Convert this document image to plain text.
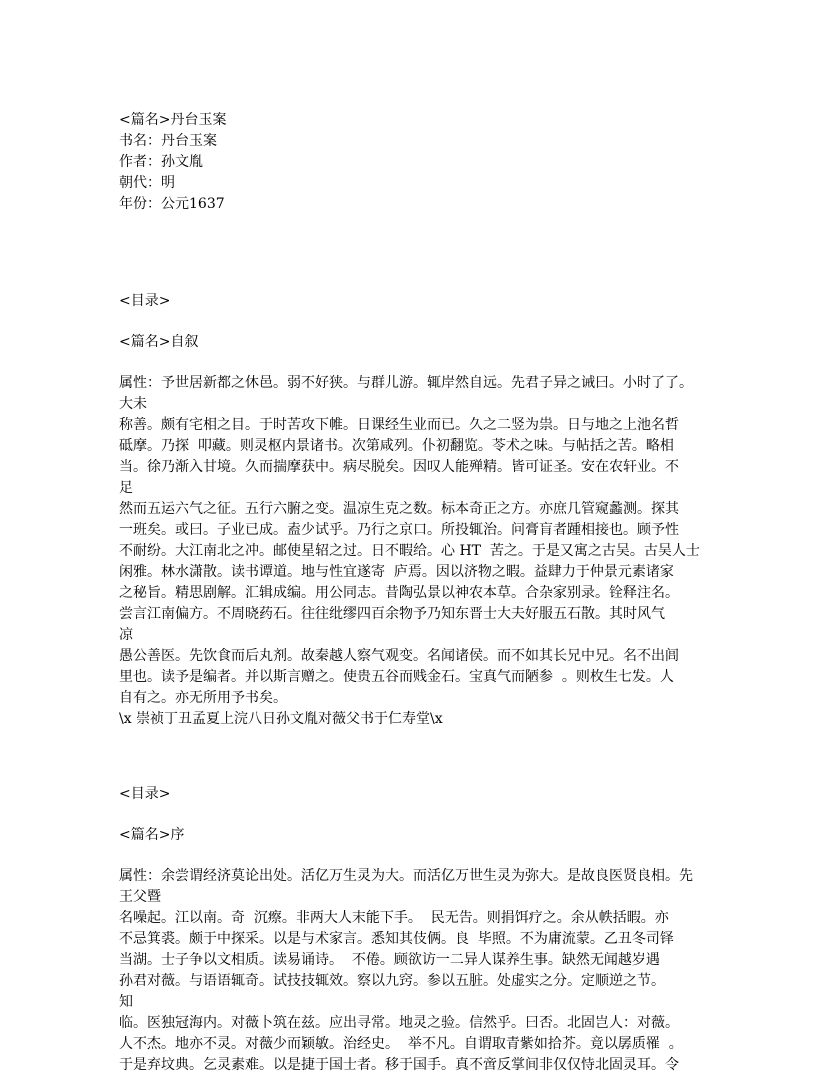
<篇名>丹台玉案
书名：丹台玉案
作者：孙文胤
朝代：明
年份：公元1637
<目录>
<篇名>自叙
属性：予世居新都之休邑。弱不好狭。与群儿游。辄岸然自远。先君子异之诫曰。小时了了。
大未
称善。颇有宅相之目。于时苦攻下帷。日课经生业而已。久之二竖为祟。日与地之上池名哲
砥摩。乃探  叩藏。则灵枢内景诸书。次第咸列。仆初翻览。苓术之味。与帖括之苦。略相
当。徐乃渐入甘境。久而揣摩获中。病尽脱矣。因叹人能殚精。皆可证圣。安在农轩业。不
足
然而五运六气之征。五行六腑之变。温凉生克之数。标本奇正之方。亦庶几管窥蠡测。探其
一班矣。或曰。子业已成。盍少试乎。乃行之京口。所投辄治。问膏肓者踵相接也。顾予性
不耐纷。大江南北之冲。邮使星轺之过。日不暇给。心 HT  苦之。于是又寓之古吴。古吴人士
闲雅。林水潇散。读书谭道。地与性宜遂寄  庐焉。因以济物之暇。益肆力于仲景元素诸家
之秘旨。精思剧解。汇辑成编。用公同志。昔陶弘景以神农本草。合杂家别录。铨释注名。
尝言江南偏方。不周晓药石。往往纰缪四百余物予乃知东晋士大夫好服五石散。其时风气
凉
愚公善医。先饮食而后丸剂。故秦越人察气观变。名闻诸侯。而不如其长兄中兄。名不出闾
里也。读予是编者。并以斯言赠之。使贵五谷而贱金石。宝真气而陋参  。则枚生七发。人
自有之。亦无所用予书矣。
\x 崇祯丁丑孟夏上浣八日孙文胤对薇父书于仁寿堂\x
<目录>
<篇名>序
属性：余尝谓经济莫论出处。活亿万生灵为大。而活亿万世生灵为弥大。是故良医贤良相。先
王父暨
名噪起。江以南。奇  沉瘵。非两大人末能下手。  民无告。则捐饵疗之。余从帙括暇。亦
不忌箕裘。颇于中探采。以是与术家言。悉知其伎俩。良  毕照。不为庸流蒙。乙丑冬司铎
当湖。士子争以文相质。读易诵诗。  不倦。顾欲访一二异人谋养生事。缺然无闻越岁遇
孙君对薇。与语语辄奇。试技技辄效。察以九窍。参以五脏。处虚实之分。定顺逆之节。
知
临。医独冠海内。对薇卜筑在兹。应出寻常。地灵之验。信然乎。曰否。北固岂人：对薇。
人不杰。地亦不灵。对薇少而颖敏。治经史。  举不凡。自谓取青紫如拾芥。竟以孱质罹  。
于是弃坟典。乞灵素难。以是捷于国士者。移于国手。真不啻反掌间非仅仅恃北固灵耳。令
